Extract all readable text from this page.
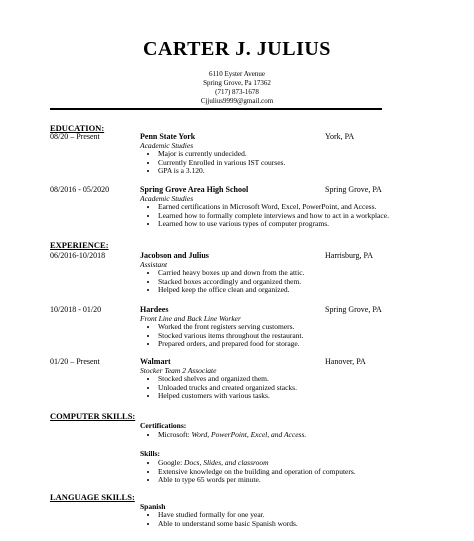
CARTER J. JULIUS
6110 Eyster Avenue
Spring Grove, Pa 17362
(717) 873-1678
Cjjulius9999@gmail.com
EDUCATION:
08/20 – Present	Penn State York	York, PA
Academic Studies
• Major is currently undecided.
• Currently Enrolled in various IST courses.
• GPA is a 3.120.
08/2016 - 05/2020	Spring Grove Area High School	Spring Grove, PA
Academic Studies
• Earned certifications in Microsoft Word, Excel, PowerPoint, and Access.
• Learned how to formally complete interviews and how to act in a workplace.
• Learned how to use various types of computer programs.
EXPERIENCE:
06/2016-10/2018	Jacobson and Julius	Harrisburg, PA
Assistant
• Carried heavy boxes up and down from the attic.
• Stacked boxes accordingly and organized them.
• Helped keep the office clean and organized.
10/2018 - 01/20	Hardees	Spring Grove, PA
Front Line and Back Line Worker
• Worked the front registers serving customers.
• Stocked various items throughout the restaurant.
• Prepared orders, and prepared food for storage.
01/20 – Present	Walmart	Hanover, PA
Stocker Team 2 Associate
• Stocked shelves and organized them.
• Unloaded trucks and created organized stacks.
• Helped customers with various tasks.
COMPUTER SKILLS:
Certifications:
• Microsoft: Word, PowerPoint, Excel, and Access.
Skills:
• Google: Docs, Slides, and classroom
• Extensive knowledge on the building and operation of computers.
• Able to type 65 words per minute.
LANGUAGE SKILLS:
Spanish
• Have studied formally for one year.
• Able to understand some basic Spanish words.
